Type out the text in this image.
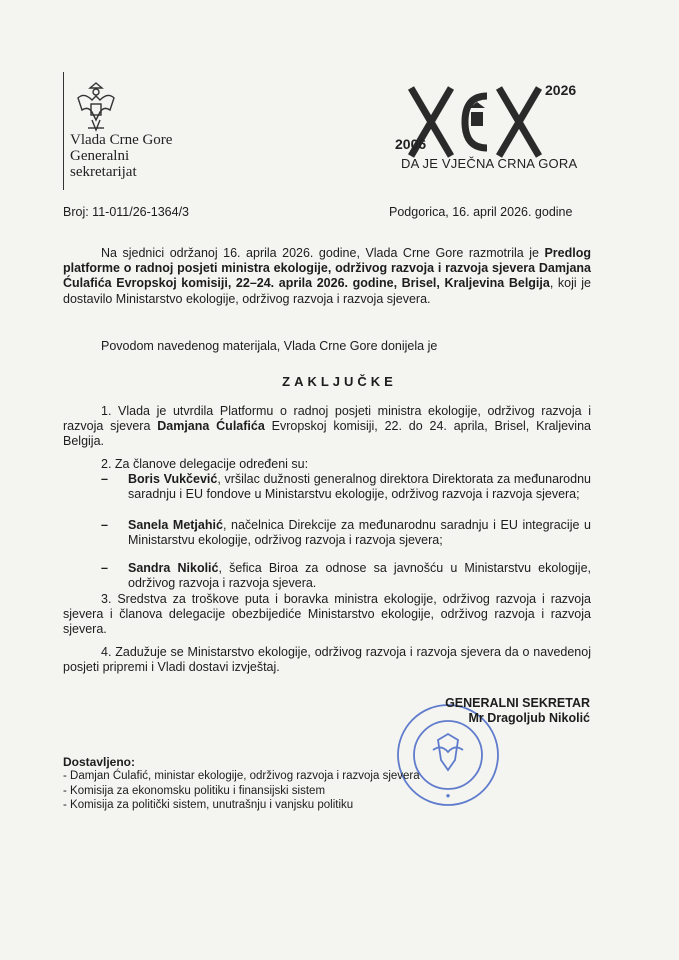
Vlada Crne Gore
Generalni
sekretarijat
2026
2006
DA JE VJEČNA CRNA GORA
Broj: 11-011/26-1364/3	Podgorica, 16. april 2026. godine
Na sjednici održanoj 16. aprila 2026. godine, Vlada Crne Gore razmotrila je Predlog platforme o radnoj posjeti ministra ekologije, održivog razvoja i razvoja sjevera Damjana Ćulafića Evropskoj komisiji, 22–24. aprila 2026. godine, Brisel, Kraljevina Belgija, koji je dostavilo Ministarstvo ekologije, održivog razvoja i razvoja sjevera.
Povodom navedenog materijala, Vlada Crne Gore donijela je
ZAKLJUČKE
1. Vlada je utvrdila Platformu o radnoj posjeti ministra ekologije, održivog razvoja i razvoja sjevera Damjana Ćulafića Evropskoj komisiji, 22. do 24. aprila, Brisel, Kraljevina Belgija.
2. Za članove delegacije određeni su:
– Boris Vukčević, vršilac dužnosti generalnog direktora Direktorata za međunarodnu saradnju i EU fondove u Ministarstvu ekologije, održivog razvoja i razvoja sjevera;
– Sanela Metjahić, načelnica Direkcije za međunarodnu saradnju i EU integracije u Ministarstvu ekologije, održivog razvoja i razvoja sjevera;
– Sandra Nikolić, šefica Biroa za odnose sa javnošću u Ministarstvu ekologije, održivog razvoja i razvoja sjevera.
3. Sredstva za troškove puta i boravka ministra ekologije, održivog razvoja i razvoja sjevera i članova delegacije obezbijediće Ministarstvo ekologije, održivog razvoja i razvoja sjevera.
4. Zadužuje se Ministarstvo ekologije, održivog razvoja i razvoja sjevera da o navedenoj posjeti pripremi i Vladi dostavi izvještaj.
●
GENERALNI SEKRETAR
Mr Dragoljub Nikolić
Dostavljeno:
- Damjan Ćulafić, ministar ekologije, održivog razvoja i razvoja sjevera
- Komisija za ekonomsku politiku i finansijski sistem
- Komisija za politički sistem, unutrašnju i vanjsku politiku
